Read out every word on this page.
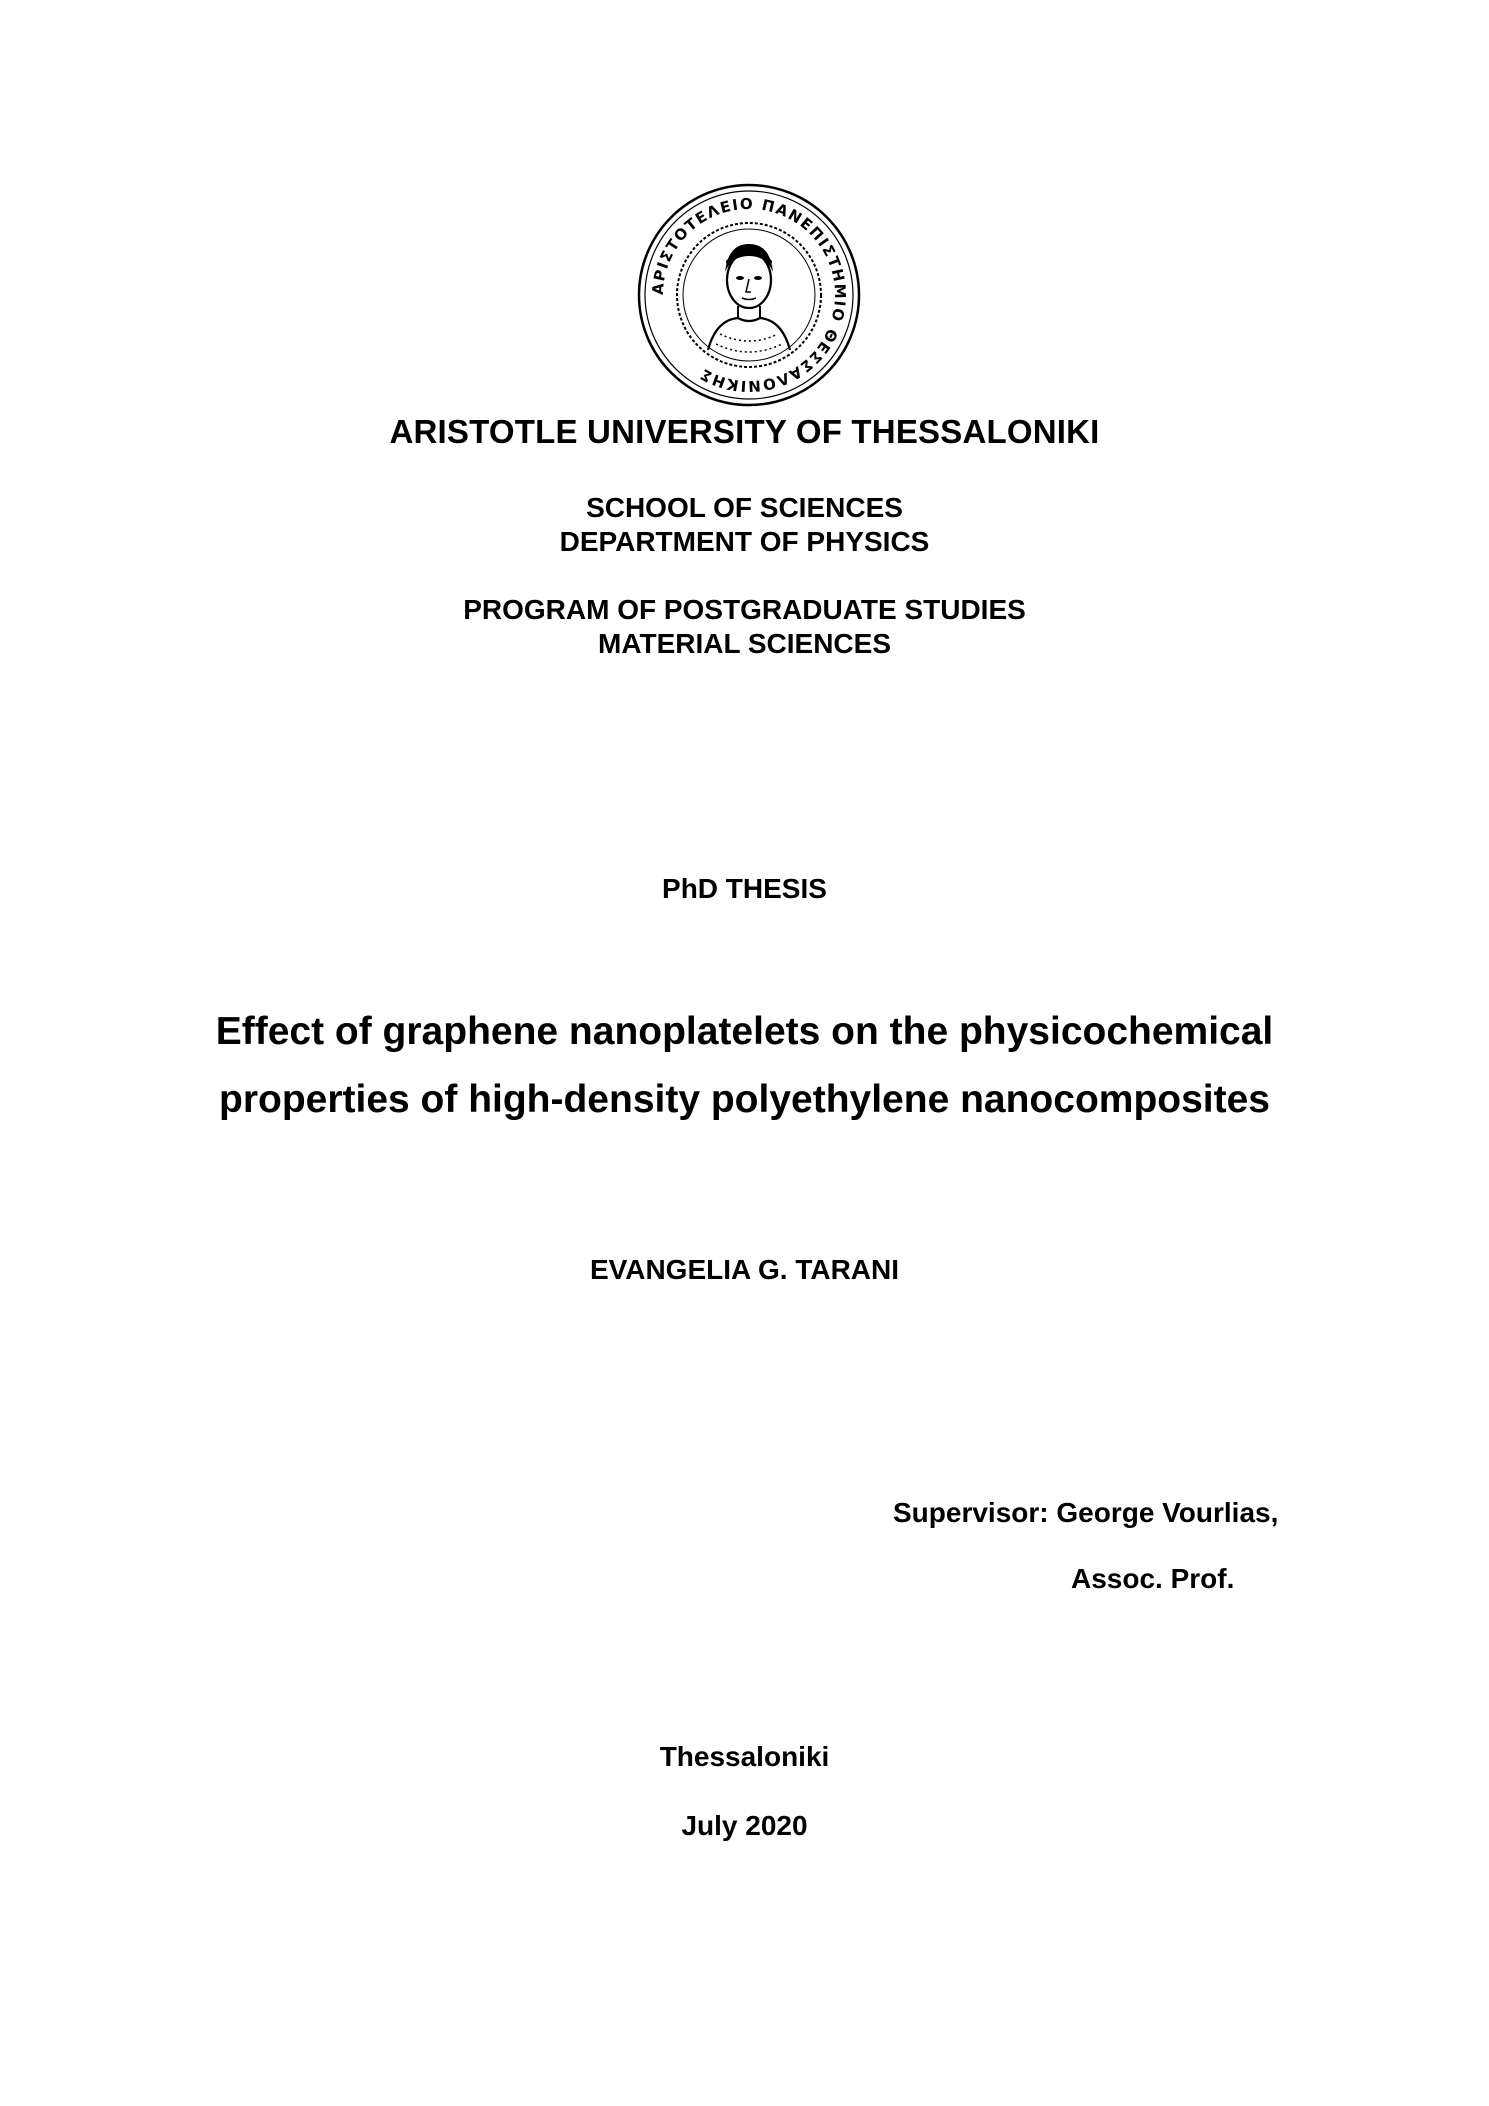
ΑΡΙΣΤΟΤΕΛΕΙΟ ΠΑΝΕΠΙΣΤΗΜΙΟ ΘΕΣΣΑΛΟΝΙΚΗΣ
ARISTOTLE UNIVERSITY OF THESSALONIKI
SCHOOL OF SCIENCES
DEPARTMENT OF PHYSICS
PROGRAM OF POSTGRADUATE STUDIES
MATERIAL SCIENCES
PhD THESIS
Effect of graphene nanoplatelets on the physicochemical
properties of high-density polyethylene nanocomposites
EVANGELIA G. TARANI
Supervisor: George Vourlias,
Assoc. Prof.
Thessaloniki
July 2020
